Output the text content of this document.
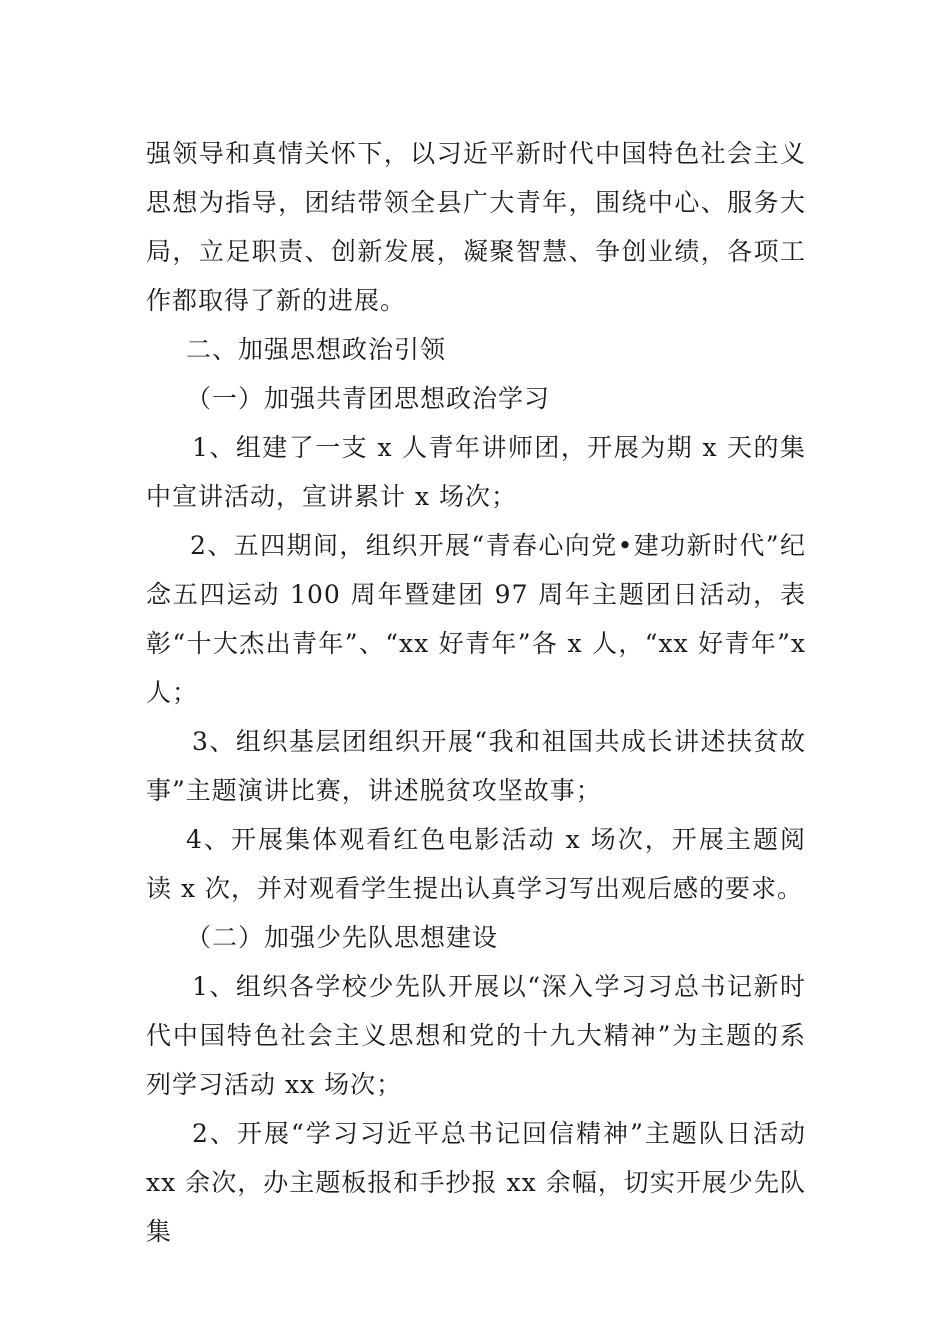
强领导和真情关怀下，以习近平新时代中国特色社会主义思想为指导，团结带领全县广大青年，围绕中心、服务大局，立足职责、创新发展，凝聚智慧、争创业绩，各项工作都取得了新的进展。

二、加强思想政治引领

（一）加强共青团思想政治学习

1、组建了一支 x 人青年讲师团，开展为期 x 天的集中宣讲活动，宣讲累计 x 场次；

2、五四期间，组织开展“青春心向党•建功新时代”纪念五四运动 100 周年暨建团 97 周年主题团日活动，表彰“十大杰出青年”、“xx 好青年”各 x 人，“xx 好青年”x 人；

3、组织基层团组织开展“我和祖国共成长讲述扶贫故事”主题演讲比赛，讲述脱贫攻坚故事；

4、开展集体观看红色电影活动 x 场次，开展主题阅读 x 次，并对观看学生提出认真学习写出观后感的要求。

（二）加强少先队思想建设

1、组织各学校少先队开展以“深入学习习总书记新时代中国特色社会主义思想和党的十九大精神”为主题的系列学习活动 xx 场次；

2、开展“学习习近平总书记回信精神”主题队日活动 xx 余次，办主题板报和手抄报 xx 余幅，切实开展少先队集
